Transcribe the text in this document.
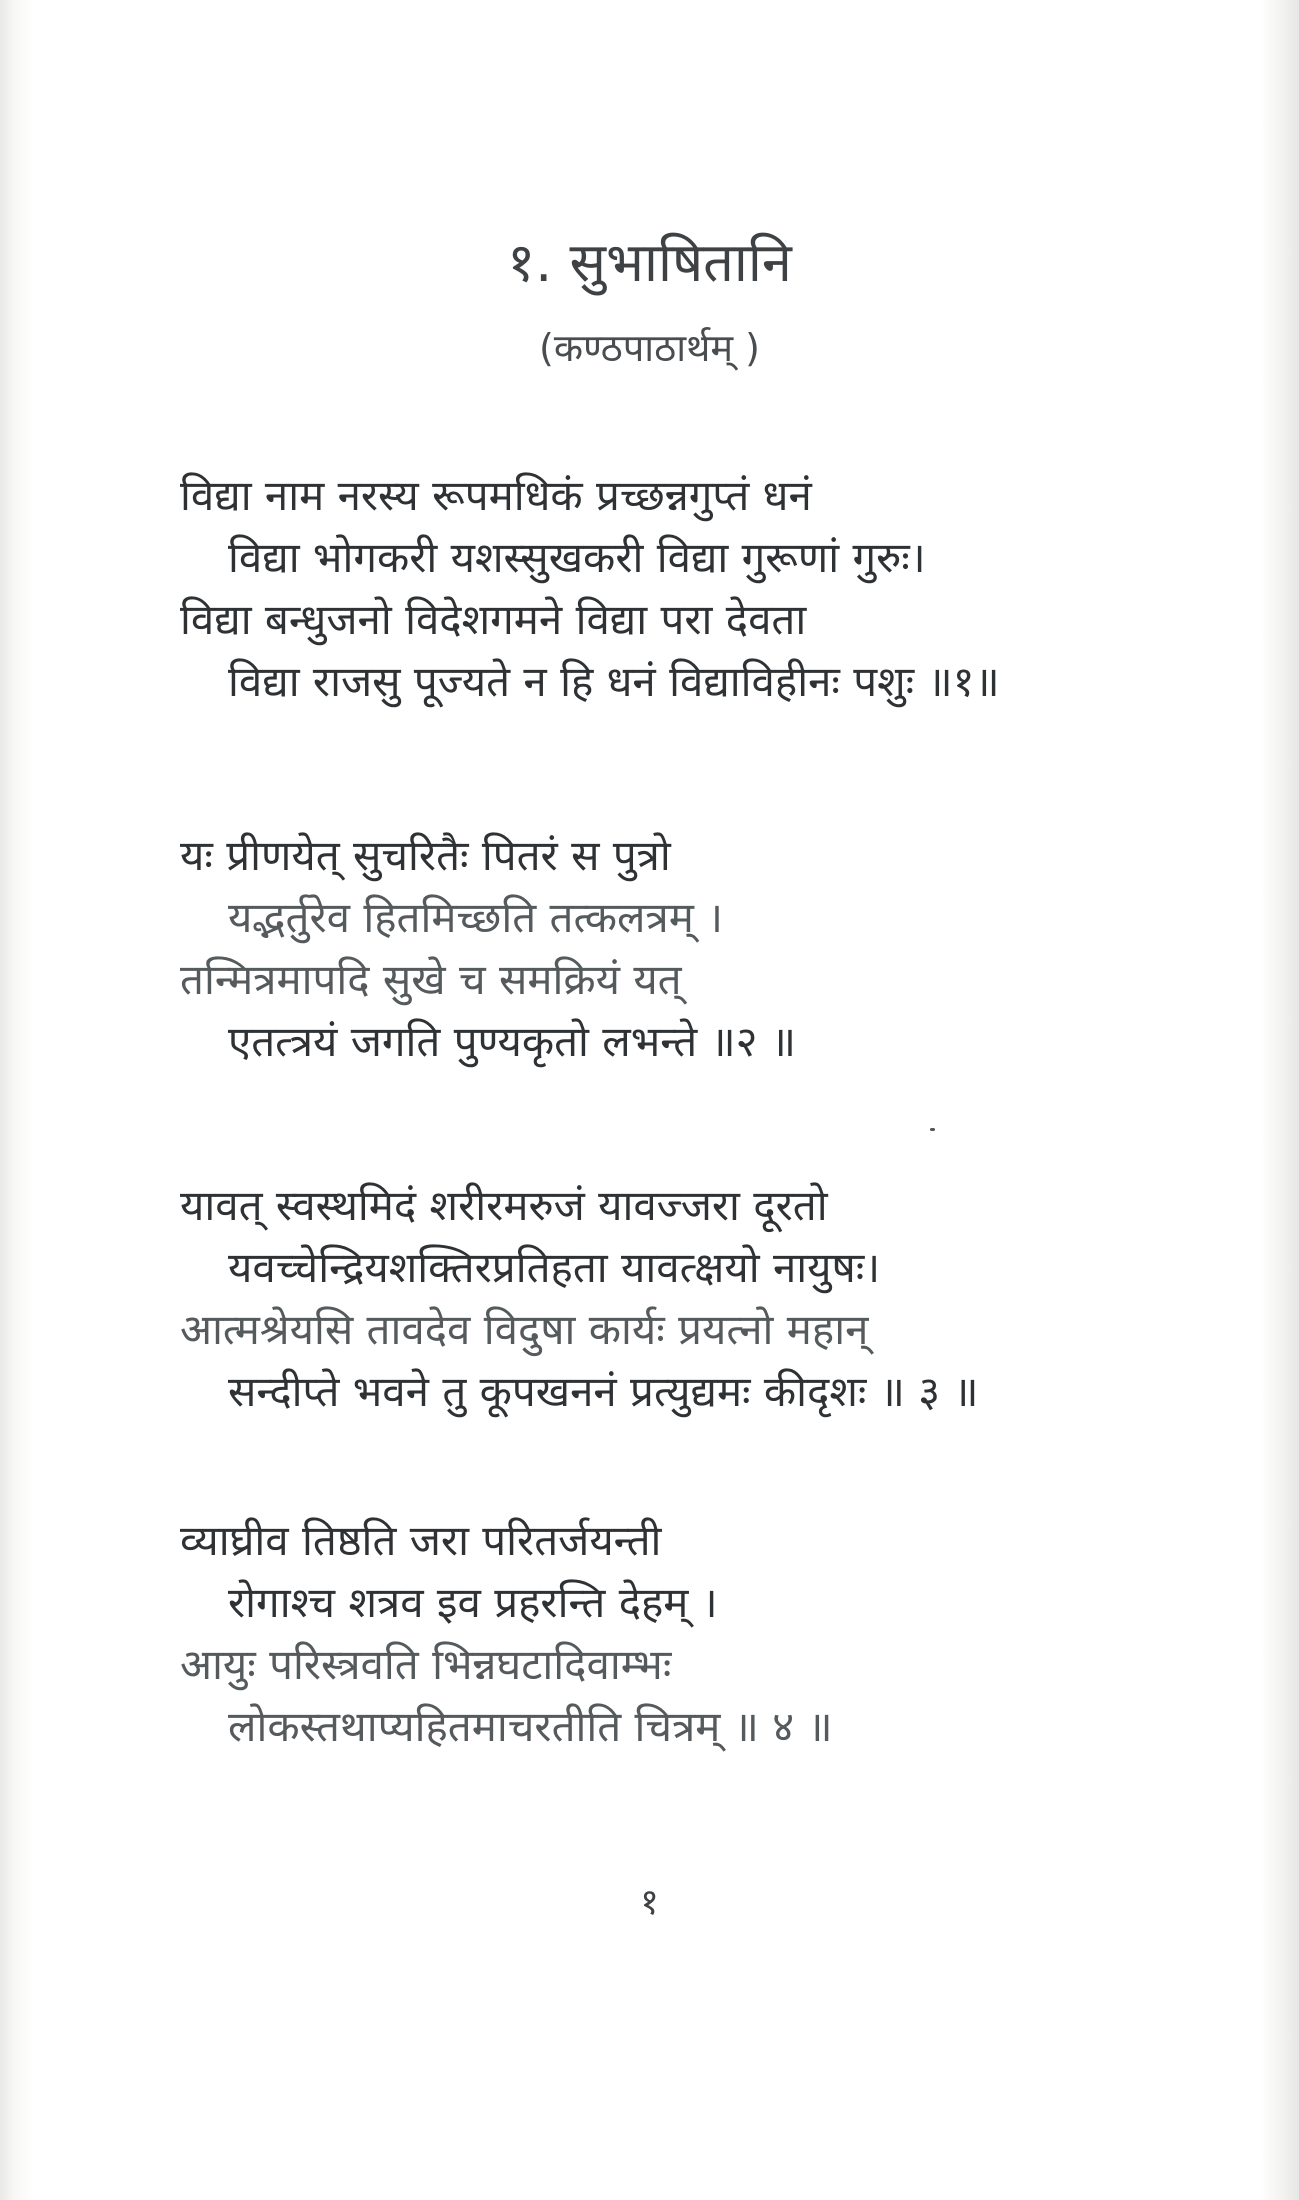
१. सुभाषितानि
(कण्ठपाठार्थम् )
विद्या नाम नरस्य रूपमधिकं प्रच्छन्नगुप्तं धनं
विद्या भोगकरी यशस्सुखकरी विद्या गुरूणां गुरुः।
विद्या बन्धुजनो विदेशगमने विद्या परा देवता
विद्या राजसु पूज्यते न हि धनं विद्याविहीनः पशुः ॥१॥
यः प्रीणयेत् सुचरितैः पितरं स पुत्रो
यद्भर्तुरेव हितमिच्छति तत्कलत्रम् ।
तन्मित्रमापदि सुखे च समक्रियं यत्
एतत्त्रयं जगति पुण्यकृतो लभन्ते ॥२ ॥
यावत् स्वस्थमिदं शरीरमरुजं यावज्जरा दूरतो
यवच्चेन्द्रियशक्तिरप्रतिहता यावत्क्षयो नायुषः।
आत्मश्रेयसि तावदेव विदुषा कार्यः प्रयत्नो महान्
सन्दीप्ते भवने तु कूपखननं प्रत्युद्यमः कीदृशः ॥ ३ ॥
व्याघ्रीव तिष्ठति जरा परितर्जयन्ती
रोगाश्च शत्रव इव प्रहरन्ति देहम् ।
आयुः परिस्त्रवति भिन्नघटादिवाम्भः
लोकस्तथाप्यहितमाचरतीति चित्रम् ॥ ४ ॥
१
